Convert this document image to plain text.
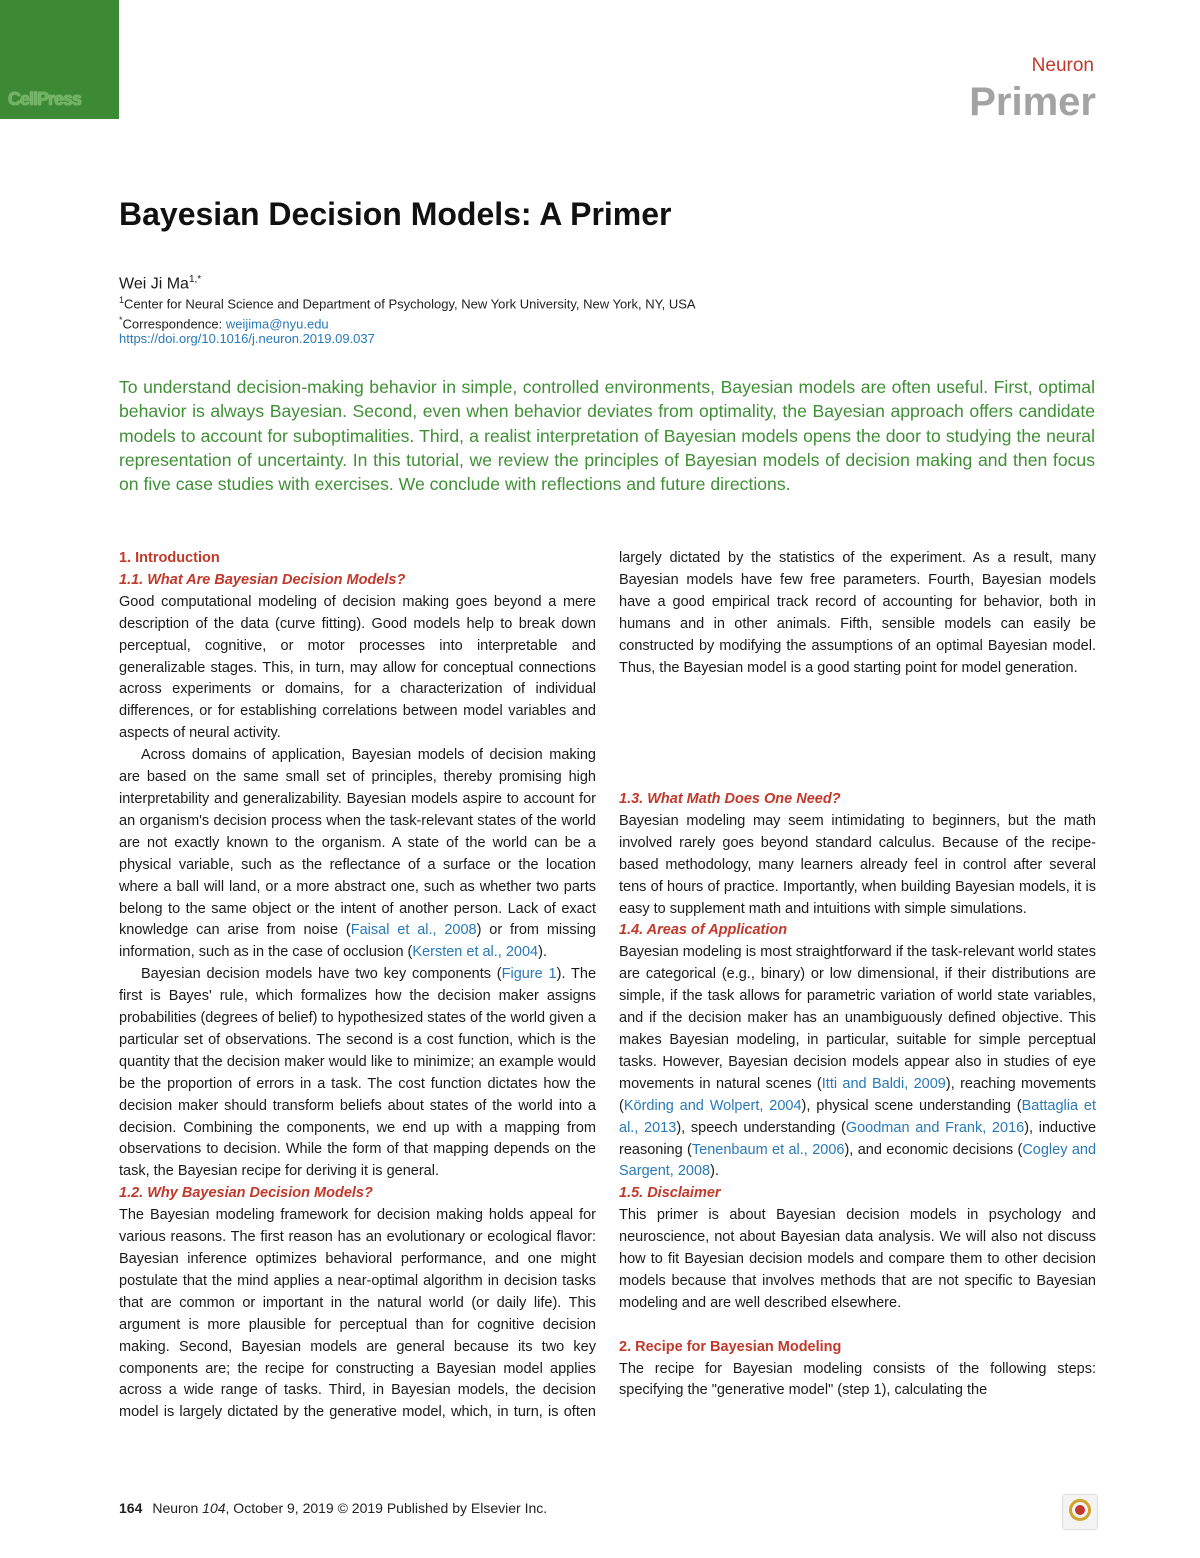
CellPress
Neuron
Primer
Bayesian Decision Models: A Primer
Wei Ji $Ma^{1,*}$
$^1$Center for Neural Science and Department of Psychology, New York University, New York, NY, USA
*Correspondence: weijima@nyu.edu
https://doi.org/10.1016/j.neuron.2019.09.037

To understand decision-making behavior in simple, controlled environments, Bayesian models are often useful. First, optimal behavior is always Bayesian. Second, even when behavior deviates from optimality, the Bayesian approach offers candidate models to account for suboptimalities. Third, a realist interpretation of Bayesian models opens the door to studying the neural representation of uncertainty. In this tutorial, we review the principles of Bayesian models of decision making and then focus on five case studies with exercises. We conclude with reflections and future directions.

1. Introduction
1.1. What Are Bayesian Decision Models?

Good computational modeling of decision making goes beyond a mere description of the data (curve fitting). Good models help to break down perceptual, cognitive, or motor processes into interpretable and generalizable stages. This, in turn, may allow for conceptual connections across experiments or domains, for a characterization of individual differences, or for establishing correlations between model variables and aspects of neural activity.

Across domains of application, Bayesian models of decision making are based on the same small set of principles, thereby promising high interpretability and generalizability. Bayesian models aspire to account for an organism's decision process when the task-relevant states of the world are not exactly known to the organism. A state of the world can be a physical variable, such as the reflectance of a surface or the location where a ball will land, or a more abstract one, such as whether two parts belong to the same object or the intent of another person. Lack of exact knowledge can arise from noise (Faisal et al., 2008) or from missing information, such as in the case of occlusion (Kersten et al., 2004).

Bayesian decision models have two key components (Figure 1). The first is Bayes' rule, which formalizes how the decision maker assigns probabilities (degrees of belief) to hypothesized states of the world given a particular set of observations. The second is a cost function, which is the quantity that the decision maker would like to minimize; an example would be the proportion of errors in a task. The cost function dictates how the decision maker should transform beliefs about states of the world into a decision. Combining the components, we end up with a mapping from observations to decision. While the form of that mapping depends on the task, the Bayesian recipe for deriving it is general.

1.2. Why Bayesian Decision Models?

The Bayesian modeling framework for decision making holds appeal for various reasons. The first reason has an evolutionary or ecological flavor: Bayesian inference optimizes behavioral performance, and one might postulate that the mind applies a near-optimal algorithm in decision tasks that are common or important in the natural world (or daily life). This argument is more plausible for perceptual than for cognitive decision making. Second, Bayesian models are general because its two key components are; the recipe for constructing a Bayesian model applies across a wide range of tasks. Third, in Bayesian models, the decision model is largely dictated by the generative model, which, in turn, is often

largely dictated by the statistics of the experiment. As a result, many Bayesian models have few free parameters. Fourth, Bayesian models have a good empirical track record of accounting for behavior, both in humans and in other animals. Fifth, sensible models can easily be constructed by modifying the assumptions of an optimal Bayesian model. Thus, the Bayesian model is a good starting point for model generation.

1.3. What Math Does One Need?

Bayesian modeling may seem intimidating to beginners, but the math involved rarely goes beyond standard calculus. Because of the recipe-based methodology, many learners already feel in control after several tens of hours of practice. Importantly, when building Bayesian models, it is easy to supplement math and intuitions with simple simulations.

1.4. Areas of Application

Bayesian modeling is most straightforward if the task-relevant world states are categorical (e.g., binary) or low dimensional, if their distributions are simple, if the task allows for parametric variation of world state variables, and if the decision maker has an unambiguously defined objective. This makes Bayesian modeling, in particular, suitable for simple perceptual tasks. However, Bayesian decision models appear also in studies of eye movements in natural scenes (Itti and Baldi, 2009), reaching movements (Körding and Wolpert, 2004), physical scene understanding (Battaglia et al., 2013), speech understanding (Goodman and Frank, 2016), inductive reasoning (Tenenbaum et al., 2006), and economic decisions (Cogley and Sargent, 2008).

1.5. Disclaimer

This primer is about Bayesian decision models in psychology and neuroscience, not about Bayesian data analysis. We will also not discuss how to fit Bayesian decision models and compare them to other decision models because that involves methods that are not specific to Bayesian modeling and are well described elsewhere.

2. Recipe for Bayesian Modeling

The recipe for Bayesian modeling consists of the following steps: specifying the "generative model" (step 1), calculating the

164 Neuron 104, October 9, 2019 © 2019 Published by Elsevier Inc.
